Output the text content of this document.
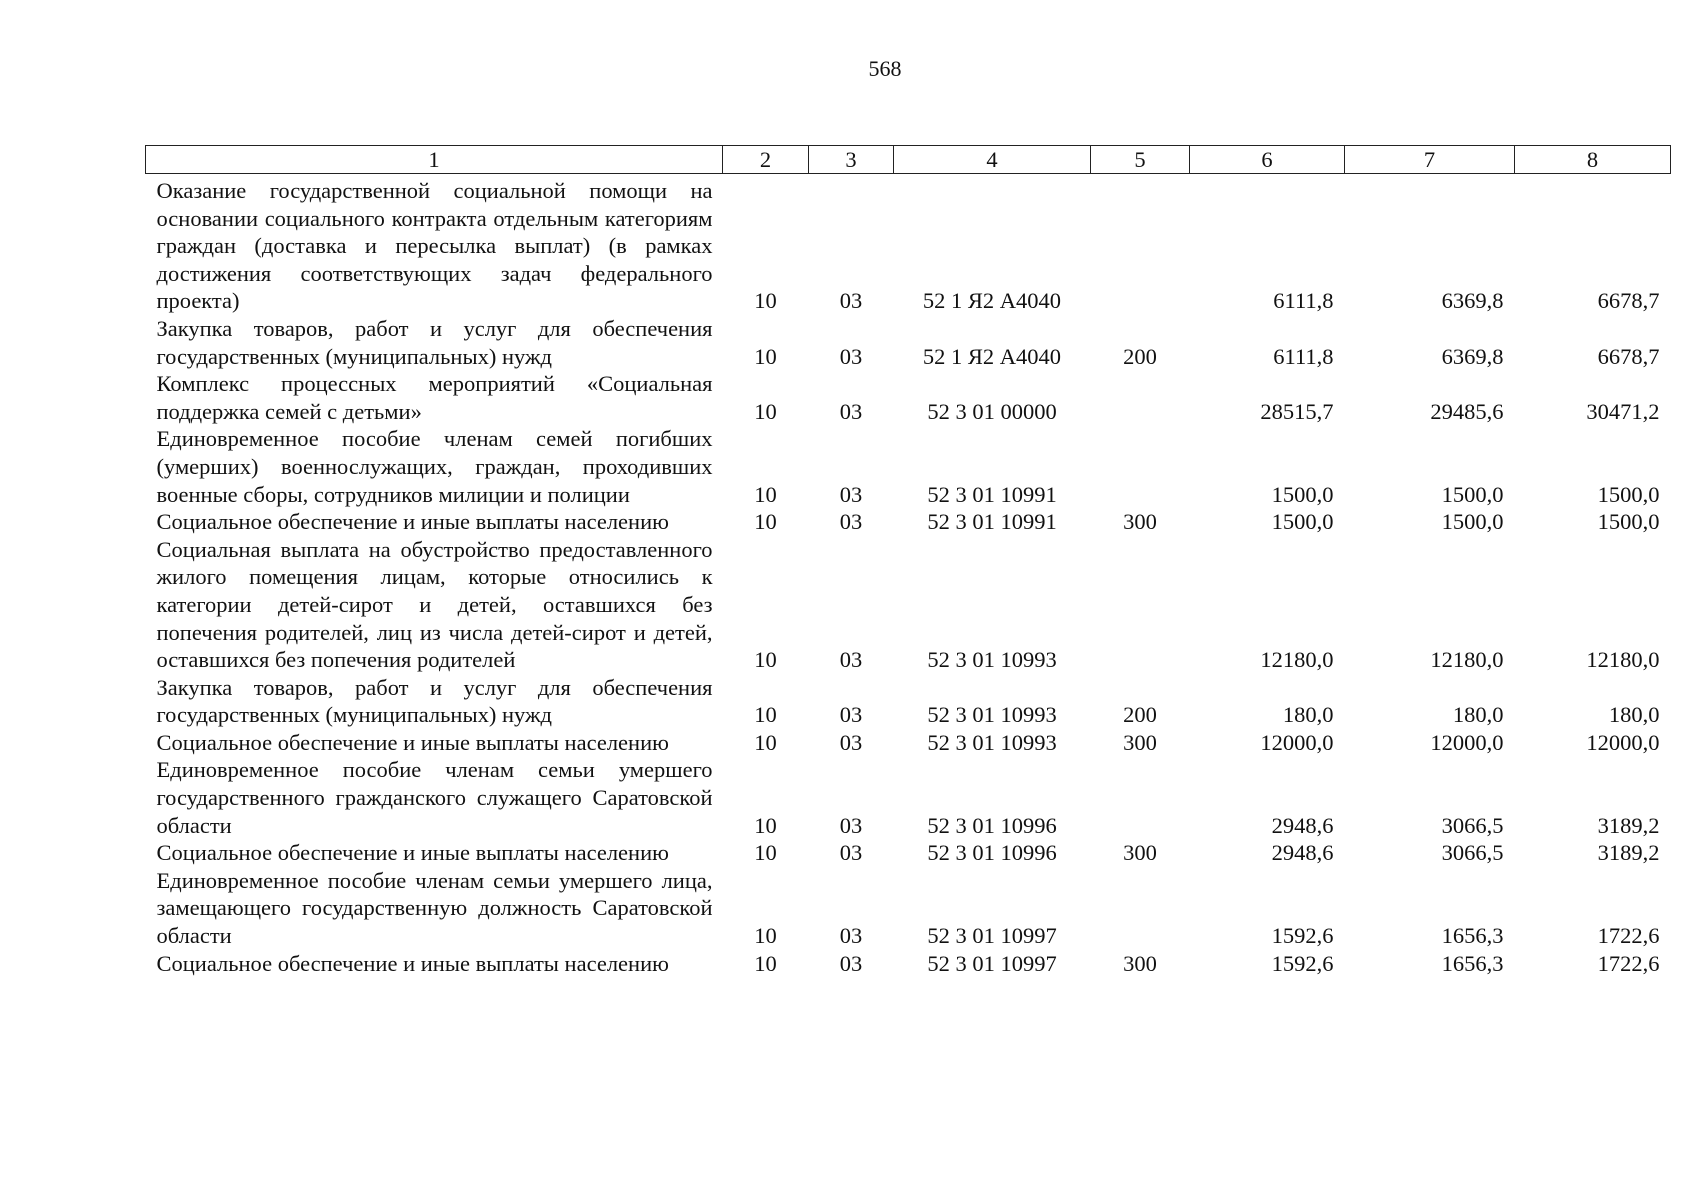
568
1	2	3	4	5	6	7	8
Оказание государственной социальной помощи на основании социального контракта отдельным категориям граждан (доставка и пересылка выплат) (в рамках достижения соответствующих задач федерального проекта)	10	03	52 1 Я2 A4040		6111,8	6369,8	6678,7
Закупка товаров, работ и услуг для обеспечения государственных (муниципальных) нужд	10	03	52 1 Я2 A4040	200	6111,8	6369,8	6678,7
Комплекс процессных мероприятий «Социальная поддержка семей с детьми»	10	03	52 3 01 00000		28515,7	29485,6	30471,2
Единовременное пособие членам семей погибших (умерших) военнослужащих, граждан, проходивших военные сборы, сотрудников милиции и полиции	10	03	52 3 01 10991		1500,0	1500,0	1500,0
Социальное обеспечение и иные выплаты населению	10	03	52 3 01 10991	300	1500,0	1500,0	1500,0
Социальная выплата на обустройство предоставленного жилого помещения лицам, которые относились к категории детей-сирот и детей, оставшихся без попечения родителей, лиц из числа детей-сирот и детей, оставшихся без попечения родителей	10	03	52 3 01 10993		12180,0	12180,0	12180,0
Закупка товаров, работ и услуг для обеспечения государственных (муниципальных) нужд	10	03	52 3 01 10993	200	180,0	180,0	180,0
Социальное обеспечение и иные выплаты населению	10	03	52 3 01 10993	300	12000,0	12000,0	12000,0
Единовременное пособие членам семьи умершего государственного гражданского служащего Саратовской области	10	03	52 3 01 10996		2948,6	3066,5	3189,2
Социальное обеспечение и иные выплаты населению	10	03	52 3 01 10996	300	2948,6	3066,5	3189,2
Единовременное пособие членам семьи умершего лица, замещающего государственную должность Саратовской области	10	03	52 3 01 10997		1592,6	1656,3	1722,6
Социальное обеспечение и иные выплаты населению	10	03	52 3 01 10997	300	1592,6	1656,3	1722,6
